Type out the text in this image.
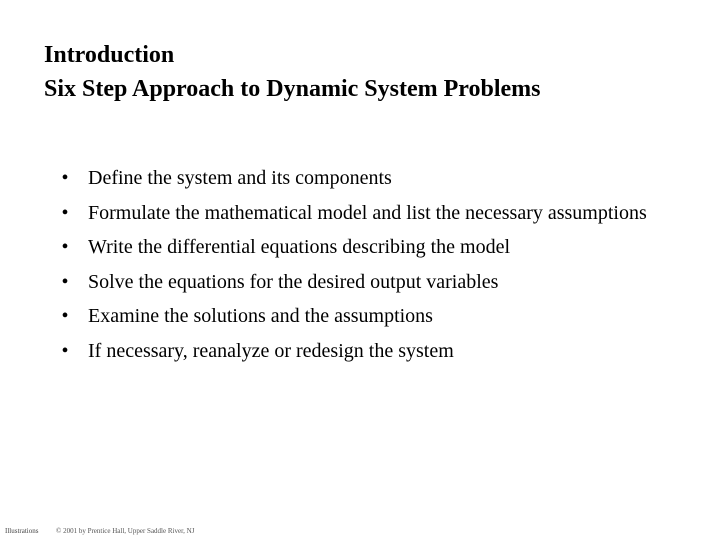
Introduction
Six Step Approach to Dynamic System Problems
• Define the system and its components
• Formulate the mathematical model and list the necessary assumptions
• Write the differential equations describing the model
• Solve the equations for the desired output variables
• Examine the solutions and the assumptions
• If necessary, reanalyze or redesign the system
Illustrations	© 2001 by Prentice Hall, Upper Saddle River, NJ
